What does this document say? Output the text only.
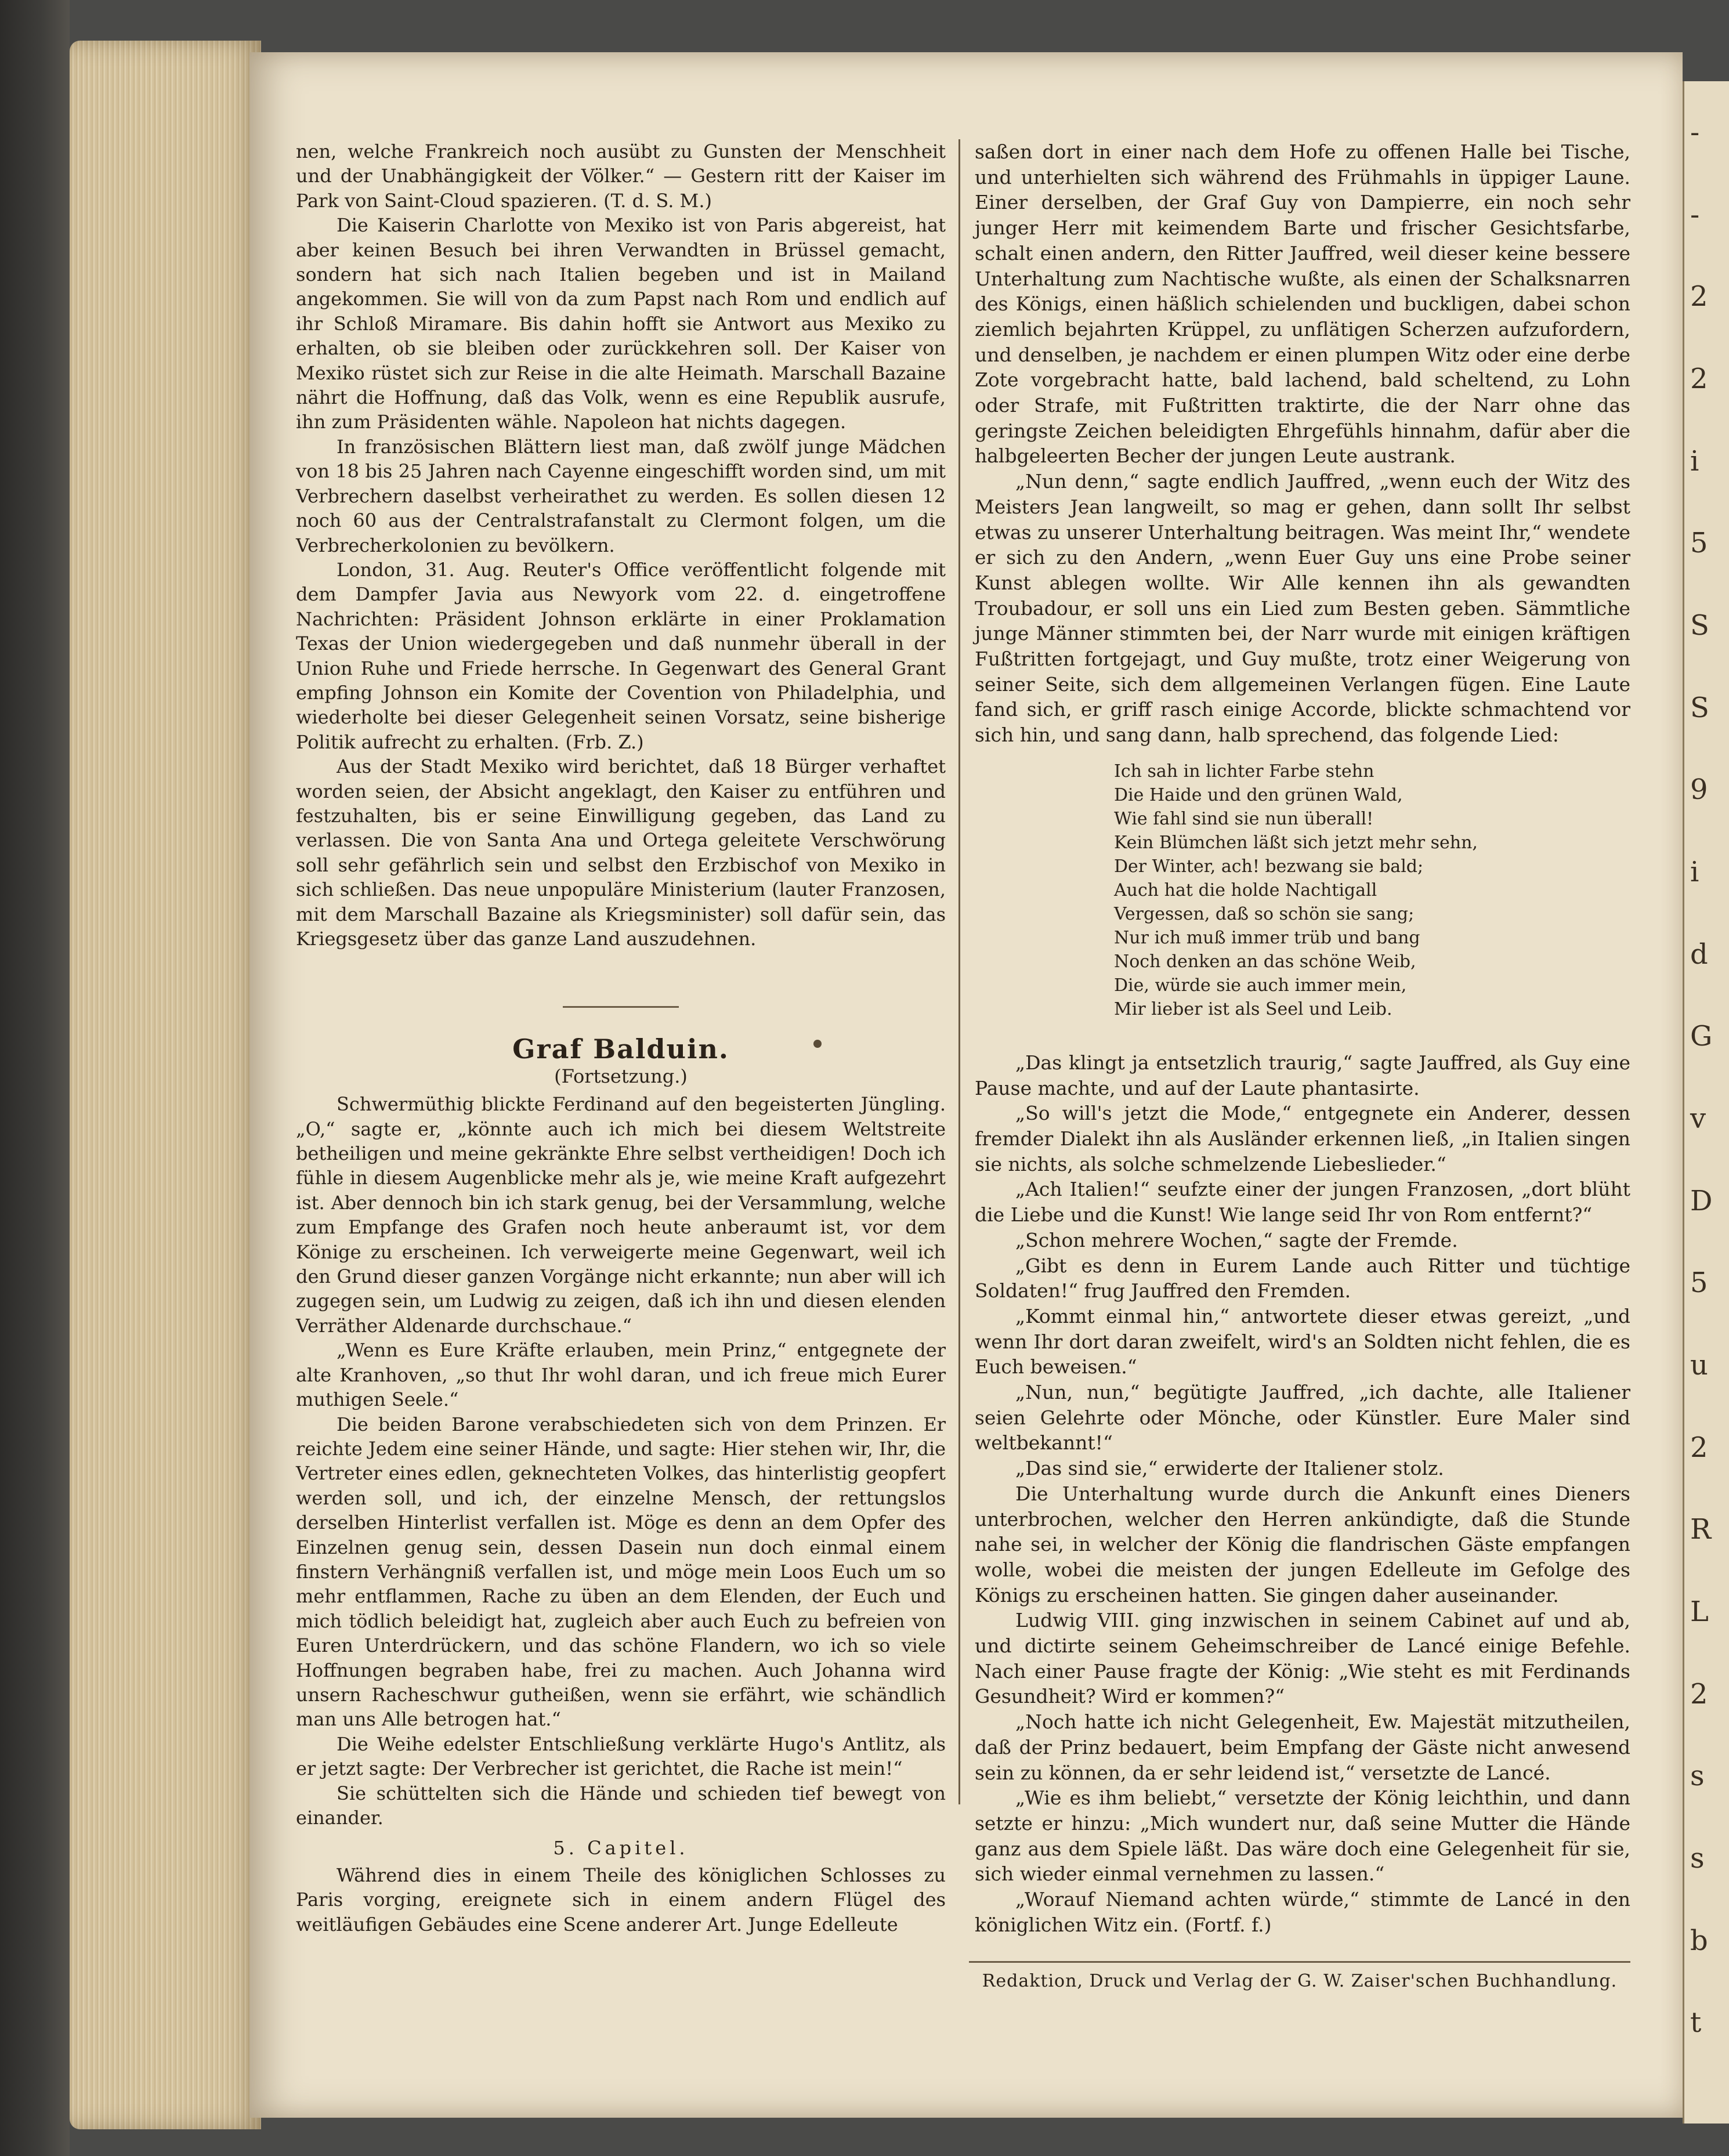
-
-
2
2
i
5
S
S
9
i
d
G
v
D
5
u
2
R
L
2
s
s
b
t

nen, welche Frankreich noch ausübt zu Gunsten der Menschheit und der Unabhängigkeit der Völker.“ — Gestern ritt der Kaiser im Park von Saint-Cloud spazieren. (T. d. S. M.)

Die Kaiserin Charlotte von Mexiko ist von Paris abgereist, hat aber keinen Besuch bei ihren Verwandten in Brüssel gemacht, sondern hat sich nach Italien begeben und ist in Mailand angekommen. Sie will von da zum Papst nach Rom und endlich auf ihr Schloß Miramare. Bis dahin hofft sie Antwort aus Mexiko zu erhalten, ob sie bleiben oder zurückkehren soll. Der Kaiser von Mexiko rüstet sich zur Reise in die alte Heimath. Marschall Bazaine nährt die Hoffnung, daß das Volk, wenn es eine Republik ausrufe, ihn zum Präsidenten wähle. Napoleon hat nichts dagegen.

In französischen Blättern liest man, daß zwölf junge Mädchen von 18 bis 25 Jahren nach Cayenne eingeschifft worden sind, um mit Verbrechern daselbst verheirathet zu werden. Es sollen diesen 12 noch 60 aus der Centralstrafanstalt zu Clermont folgen, um die Verbrecherkolonien zu bevölkern.

London, 31. Aug. Reuter's Office veröffentlicht folgende mit dem Dampfer Javia aus Newyork vom 22. d. eingetroffene Nachrichten: Präsident Johnson erklärte in einer Proklamation Texas der Union wiedergegeben und daß nunmehr überall in der Union Ruhe und Friede herrsche. In Gegenwart des General Grant empfing Johnson ein Komite der Covention von Philadelphia, und wiederholte bei dieser Gelegenheit seinen Vorsatz, seine bisherige Politik aufrecht zu erhalten. (Frb. Z.)

Aus der Stadt Mexiko wird berichtet, daß 18 Bürger verhaftet worden seien, der Absicht angeklagt, den Kaiser zu entführen und festzuhalten, bis er seine Einwilligung gegeben, das Land zu verlassen. Die von Santa Ana und Ortega geleitete Verschwörung soll sehr gefährlich sein und selbst den Erzbischof von Mexiko in sich schließen. Das neue unpopuläre Ministerium (lauter Franzosen, mit dem Marschall Bazaine als Kriegsminister) soll dafür sein, das Kriegsgesetz über das ganze Land auszudehnen.

Graf Balduin.
(Fortsetzung.)

Schwermüthig blickte Ferdinand auf den begeisterten Jüngling. „O,“ sagte er, „könnte auch ich mich bei diesem Weltstreite betheiligen und meine gekränkte Ehre selbst vertheidigen! Doch ich fühle in diesem Augenblicke mehr als je, wie meine Kraft aufgezehrt ist. Aber dennoch bin ich stark genug, bei der Versammlung, welche zum Empfange des Grafen noch heute anberaumt ist, vor dem Könige zu erscheinen. Ich verweigerte meine Gegenwart, weil ich den Grund dieser ganzen Vorgänge nicht erkannte; nun aber will ich zugegen sein, um Ludwig zu zeigen, daß ich ihn und diesen elenden Verräther Aldenarde durchschaue.“

„Wenn es Eure Kräfte erlauben, mein Prinz,“ entgegnete der alte Kranhoven, „so thut Ihr wohl daran, und ich freue mich Eurer muthigen Seele.“

Die beiden Barone verabschiedeten sich von dem Prinzen. Er reichte Jedem eine seiner Hände, und sagte: Hier stehen wir, Ihr, die Vertreter eines edlen, geknechteten Volkes, das hinterlistig geopfert werden soll, und ich, der einzelne Mensch, der rettungslos derselben Hinterlist verfallen ist. Möge es denn an dem Opfer des Einzelnen genug sein, dessen Dasein nun doch einmal einem finstern Verhängniß verfallen ist, und möge mein Loos Euch um so mehr entflammen, Rache zu üben an dem Elenden, der Euch und mich tödlich beleidigt hat, zugleich aber auch Euch zu befreien von Euren Unterdrückern, und das schöne Flandern, wo ich so viele Hoffnungen begraben habe, frei zu machen. Auch Johanna wird unsern Racheschwur gutheißen, wenn sie erfährt, wie schändlich man uns Alle betrogen hat.“

Die Weihe edelster Entschließung verklärte Hugo's Antlitz, als er jetzt sagte: Der Verbrecher ist gerichtet, die Rache ist mein!“

Sie schüttelten sich die Hände und schieden tief bewegt von einander.

5. Capitel.

Während dies in einem Theile des königlichen Schlosses zu Paris vorging, ereignete sich in einem andern Flügel des weitläufigen Gebäudes eine Scene anderer Art. Junge Edelleute

saßen dort in einer nach dem Hofe zu offenen Halle bei Tische, und unterhielten sich während des Frühmahls in üppiger Laune. Einer derselben, der Graf Guy von Dampierre, ein noch sehr junger Herr mit keimendem Barte und frischer Gesichtsfarbe, schalt einen andern, den Ritter Jauffred, weil dieser keine bessere Unterhaltung zum Nachtische wußte, als einen der Schalksnarren des Königs, einen häßlich schielenden und buckligen, dabei schon ziemlich bejahrten Krüppel, zu unflätigen Scherzen aufzufordern, und denselben, je nachdem er einen plumpen Witz oder eine derbe Zote vorgebracht hatte, bald lachend, bald scheltend, zu Lohn oder Strafe, mit Fußtritten traktirte, die der Narr ohne das geringste Zeichen beleidigten Ehrgefühls hinnahm, dafür aber die halbgeleerten Becher der jungen Leute austrank.

„Nun denn,“ sagte endlich Jauffred, „wenn euch der Witz des Meisters Jean langweilt, so mag er gehen, dann sollt Ihr selbst etwas zu unserer Unterhaltung beitragen. Was meint Ihr,“ wendete er sich zu den Andern, „wenn Euer Guy uns eine Probe seiner Kunst ablegen wollte. Wir Alle kennen ihn als gewandten Troubadour, er soll uns ein Lied zum Besten geben. Sämmtliche junge Männer stimmten bei, der Narr wurde mit einigen kräftigen Fußtritten fortgejagt, und Guy mußte, trotz einer Weigerung von seiner Seite, sich dem allgemeinen Verlangen fügen. Eine Laute fand sich, er griff rasch einige Accorde, blickte schmachtend vor sich hin, und sang dann, halb sprechend, das folgende Lied:

Ich sah in lichter Farbe stehn
Die Haide und den grünen Wald,
Wie fahl sind sie nun überall!
Kein Blümchen läßt sich jetzt mehr sehn,
Der Winter, ach! bezwang sie bald;
Auch hat die holde Nachtigall
Vergessen, daß so schön sie sang;
Nur ich muß immer trüb und bang
Noch denken an das schöne Weib,
Die, würde sie auch immer mein,
Mir lieber ist als Seel und Leib.

„Das klingt ja entsetzlich traurig,“ sagte Jauffred, als Guy eine Pause machte, und auf der Laute phantasirte.

„So will's jetzt die Mode,“ entgegnete ein Anderer, dessen fremder Dialekt ihn als Ausländer erkennen ließ, „in Italien singen sie nichts, als solche schmelzende Liebeslieder.“

„Ach Italien!“ seufzte einer der jungen Franzosen, „dort blüht die Liebe und die Kunst! Wie lange seid Ihr von Rom entfernt?“

„Schon mehrere Wochen,“ sagte der Fremde.

„Gibt es denn in Eurem Lande auch Ritter und tüchtige Soldaten!“ frug Jauffred den Fremden.

„Kommt einmal hin,“ antwortete dieser etwas gereizt, „und wenn Ihr dort daran zweifelt, wird's an Soldten nicht fehlen, die es Euch beweisen.“

„Nun, nun,“ begütigte Jauffred, „ich dachte, alle Italiener seien Gelehrte oder Mönche, oder Künstler. Eure Maler sind weltbekannt!“

„Das sind sie,“ erwiderte der Italiener stolz.

Die Unterhaltung wurde durch die Ankunft eines Dieners unterbrochen, welcher den Herren ankündigte, daß die Stunde nahe sei, in welcher der König die flandrischen Gäste empfangen wolle, wobei die meisten der jungen Edelleute im Gefolge des Königs zu erscheinen hatten. Sie gingen daher auseinander.

Ludwig VIII. ging inzwischen in seinem Cabinet auf und ab, und dictirte seinem Geheimschreiber de Lancé einige Befehle. Nach einer Pause fragte der König: „Wie steht es mit Ferdinands Gesundheit? Wird er kommen?“

„Noch hatte ich nicht Gelegenheit, Ew. Majestät mitzutheilen, daß der Prinz bedauert, beim Empfang der Gäste nicht anwesend sein zu können, da er sehr leidend ist,“ versetzte de Lancé.

„Wie es ihm beliebt,“ versetzte der König leichthin, und dann setzte er hinzu: „Mich wundert nur, daß seine Mutter die Hände ganz aus dem Spiele läßt. Das wäre doch eine Gelegenheit für sie, sich wieder einmal vernehmen zu lassen.“

„Worauf Niemand achten würde,“ stimmte de Lancé in den königlichen Witz ein. (Fortf. f.)

Redaktion, Druck und Verlag der G. W. Zaiser'schen Buchhandlung.
